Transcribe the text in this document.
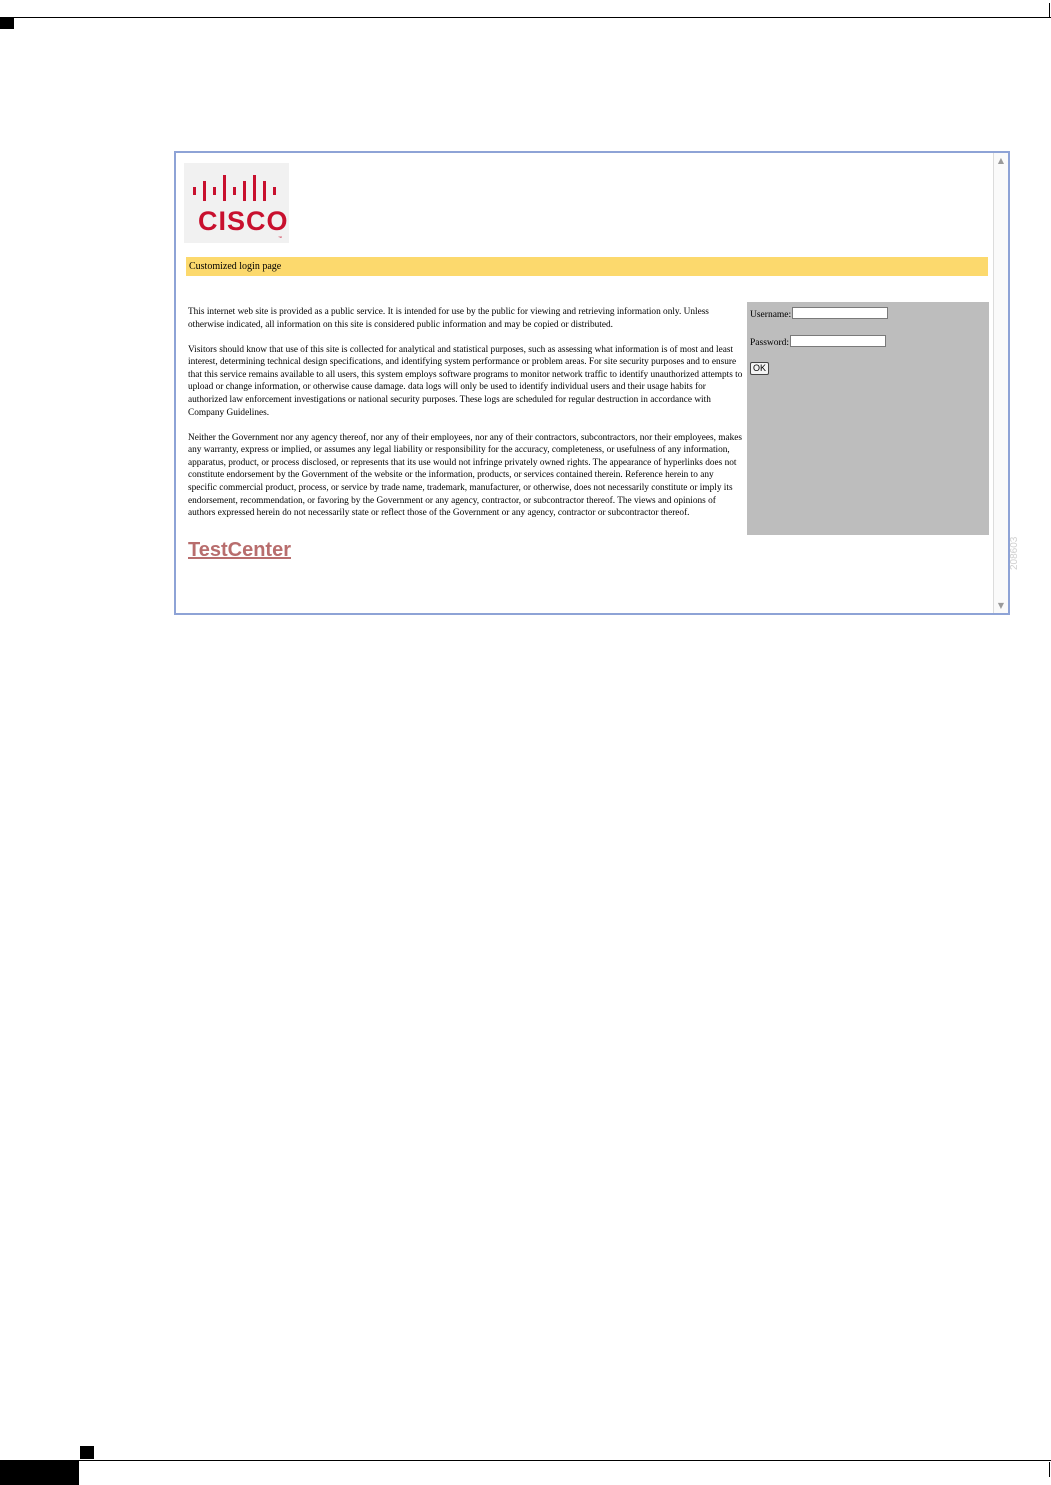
▲
▼
CISCO
™
Customized login page

This internet web site is provided as a public service. It is intended for use by the public for viewing and retrieving information only. Unless otherwise indicated, all information on this site is considered public information and may be copied or distributed.

Visitors should know that use of this site is collected for analytical and statistical purposes, such as assessing what information is of most and least interest, determining technical design specifications, and identifying system performance or problem areas. For site security purposes and to ensure that this service remains available to all users, this system employs software programs to monitor network traffic to identify unauthorized attempts to upload or change information, or otherwise cause damage. data logs will only be used to identify individual users and their usage habits for authorized law enforcement investigations or national security purposes. These logs are scheduled for regular destruction in accordance with Company Guidelines.

Neither the Government nor any agency thereof, nor any of their employees, nor any of their contractors, subcontractors, nor their employees, makes any warranty, express or implied, or assumes any legal liability or responsibility for the accuracy, completeness, or usefulness of any information, apparatus, product, or process disclosed, or represents that its use would not infringe privately owned rights. The appearance of hyperlinks does not constitute endorsement by the Government of the website or the information, products, or services contained therein. Reference herein to any specific commercial product, process, or service by trade name, trademark, manufacturer, or otherwise, does not necessarily constitute or imply its endorsement, recommendation, or favoring by the Government or any agency, contractor, or subcontractor thereof. The views and opinions of authors expressed herein do not necessarily state or reflect those of the Government or any agency, contractor or subcontractor thereof.

Username:
Password:
OK
TestCenter	208603
